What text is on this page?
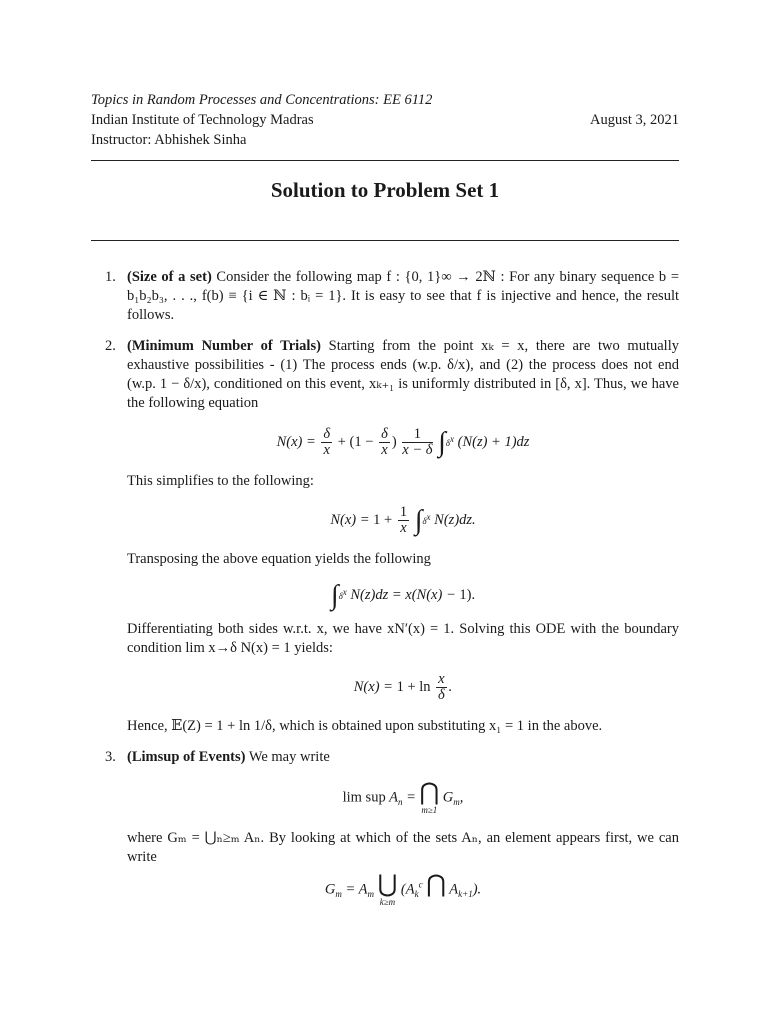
Topics in Random Processes and Concentrations: EE 6112
Indian Institute of Technology Madras
Instructor: Abhishek Sinha
August 3, 2021
Solution to Problem Set 1
1. (Size of a set) Consider the following map f : {0, 1}∞ → 2ℕ : For any binary sequence b = b₁b₂b₃, . . ., f(b) ≡ {i ∈ ℕ : bᵢ = 1}. It is easy to see that f is injective and hence, the result follows.

2. (Minimum Number of Trials) Starting from the point xₖ = x, there are two mutually exhaustive possibilities - (1) The process ends (w.p. δ/x), and (2) the process does not end (w.p. 1 − δ/x), conditioned on this event, xₖ₊₁ is uniformly distributed in [δ, x]. Thus, we have the following equation

$N(x) = \frac{\delta}{x} + (1 - \frac{\delta}{x}$ ) $\frac{1}{x - \delta} \int\delta^x$ (N(z) + 1)dz

This simplifies to the following:

$N(x) = 1 + \frac{1}{x} \int\delta^x$ N(z)dz.

Transposing the above equation yields the following

$\int\delta^x$ N(z)dz = x(N(x) − 1).

Differentiating both sides w.r.t. x, we have xN′(x) = 1. Solving this ODE with the boundary condition lim x→δ N(x) = 1 yields:

$N(x) = 1 + \ln \frac{x}{\delta}$ .

Hence, 𝔼(Z) = 1 + ln 1/δ, which is obtained upon substituting x₁ = 1 in the above.

3. (Limsup of Events) We may write

lim sup $A_n$ = ⋂
m≥1
$G_m$,

where Gₘ = ⋃ₙ≥ₘ Aₙ. By looking at which of the sets Aₙ, an element appears first, we can write

$G_m = A_m$ ⋃
k≥m
($A_k^c$ ⋂
$A_{k+1}$).
